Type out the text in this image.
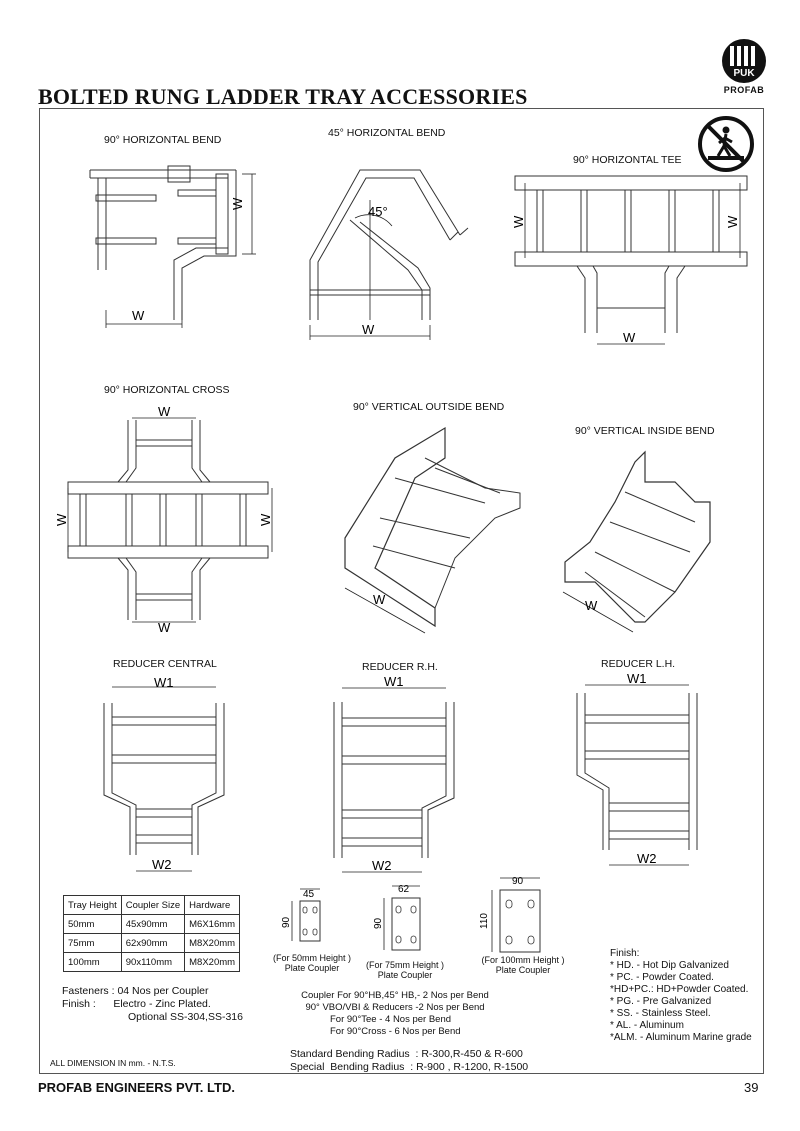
PUK
PROFAB
BOLTED RUNG LADDER TRAY ACCESSORIES
90° HORIZONTAL BEND
45° HORIZONTAL BEND
90° HORIZONTAL TEE
90° HORIZONTAL CROSS
90° VERTICAL OUTSIDE BEND
90° VERTICAL INSIDE BEND
REDUCER CENTRAL	REDUCER R.H.	REDUCER L.H.
W
W
45°
W
W	W
W
W
W
W	W
W	W
W1
W2
W1
W2
W1
W2
Tray Height	Coupler Size	Hardware
50mm	45x90mm	M6X16mm
75mm	62x90mm	M8X20mm
100mm	90x110mm	M8X20mm
45
90
(For 50mm Height )
Plate Coupler
62
90
(For 75mm Height )
Plate Coupler
90
110
(For 100mm Height )
Plate Coupler
Fasteners : 04 Nos per Coupler
Finish :      Electro - Zinc Plated.
Optional SS-304,SS-316
Coupler For 90°HB,45° HB,- 2 Nos per Bend
90° VBO/VBI & Reducers -2 Nos per Bend
For 90°Tee - 4 Nos per Bend
For 90°Cross - 6 Nos per Bend
Standard Bending Radius  : R-300,R-450 & R-600
Special  Bending Radius  : R-900 , R-1200, R-1500
Finish:
* HD. - Hot Dip Galvanized
* PC. - Powder Coated.
*HD+PC.: HD+Powder Coated.
* PG. - Pre Galvanized
* SS. - Stainless Steel.
* AL. - Aluminum
*ALM. - Aluminum Marine grade
ALL DIMENSION IN mm. - N.T.S.
PROFAB ENGINEERS PVT. LTD.	39
